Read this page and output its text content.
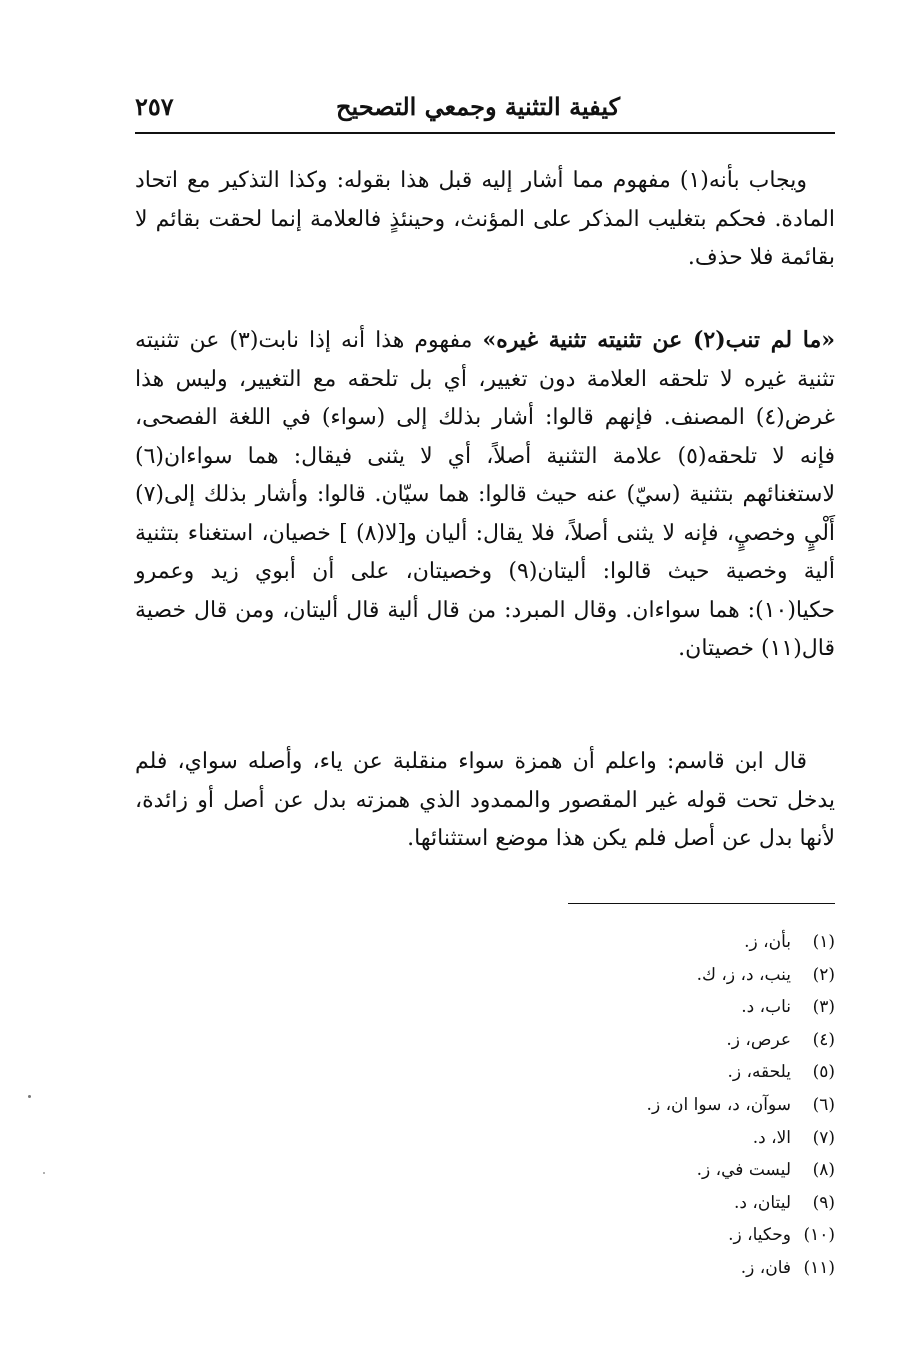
كيفية التثنية وجمعي التصحيح
٢٥٧
ويجاب بأنه(١) مفهوم مما أشار إليه قبل هذا بقوله: وكذا التذكير مع اتحاد المادة. فحكم بتغليب المذكر على المؤنث، وحينئذٍ فالعلامة إنما لحقت بقائم لا بقائمة فلا حذف.
«ما لم تنب(٢) عن تثنيته تثنية غيره» مفهوم هذا أنه إذا نابت(٣) عن تثنيته تثنية غيره لا تلحقه العلامة دون تغيير، أي بل تلحقه مع التغيير، وليس هذا غرض(٤) المصنف. فإنهم قالوا: أشار بذلك إلى (سواء) في اللغة الفصحى، فإنه لا تلحقه(٥) علامة التثنية أصلاً، أي لا يثنى فيقال: هما سواءان(٦) لاستغنائهم بتثنية (سيّ) عنه حيث قالوا: هما سيّان. قالوا: وأشار بذلك إلى(٧) أَلْيٍ وخصيٍ، فإنه لا يثنى أصلاً، فلا يقال: أليان و[لا(٨) ] خصيان، استغناء بتثنية ألية وخصية حيث قالوا: أليتان(٩) وخصيتان، على أن أبوي زيد وعمرو حكيا(١٠): هما سواءان. وقال المبرد: من قال ألية قال أليتان، ومن قال خصية قال(١١) خصيتان.
قال ابن قاسم: واعلم أن همزة سواء منقلبة عن ياء، وأصله سواي، فلم يدخل تحت قوله غير المقصور والممدود الذي همزته بدل عن أصل أو زائدة، لأنها بدل عن أصل فلم يكن هذا موضع استثنائها.
(١)بأن، ز.
(٢)ينب، د، ز، ك.
(٣)ناب، د.
(٤)عرص، ز.
(٥)يلحقه، ز.
(٦)سوآن، د، سوا ان، ز.
(٧)الا، د.
(٨)ليست في، ز.
(٩)ليتان، د.
(١٠)وحكيا، ز.
(١١)فان، ز.
